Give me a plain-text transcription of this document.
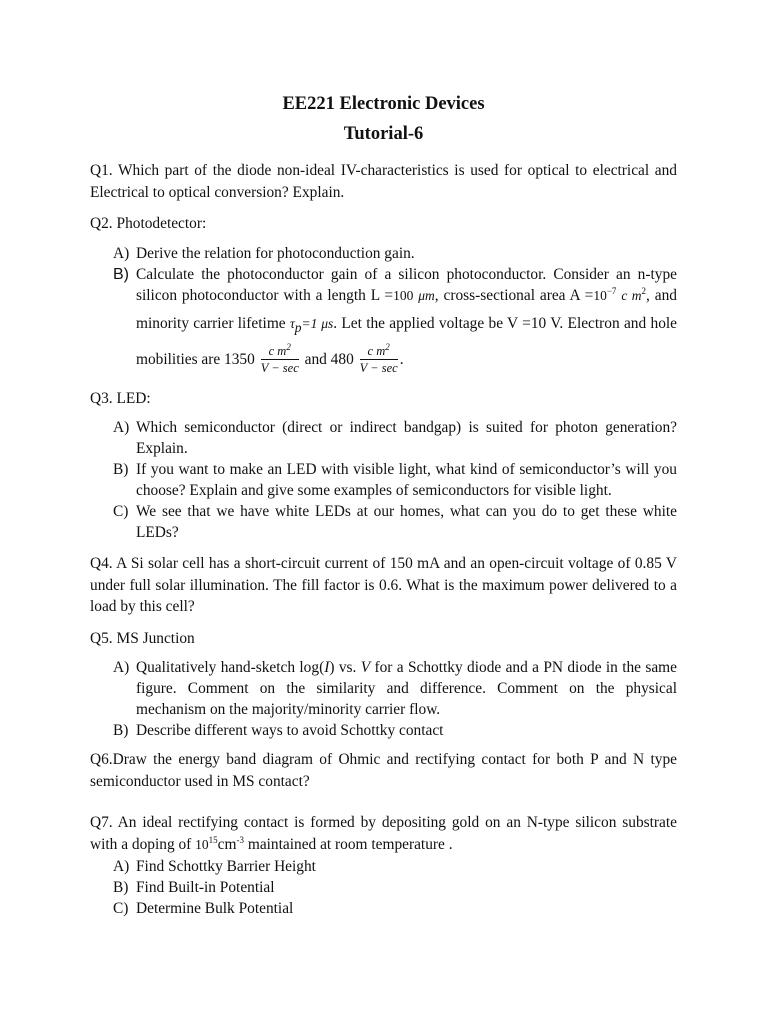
EE221 Electronic Devices
Tutorial-6

Q1. Which part of the diode non-ideal IV-characteristics is used for optical to electrical and Electrical to optical conversion? Explain.

Q2. Photodetector:

A) Derive the relation for photoconduction gain.
B) Calculate the photoconductor gain of a silicon photoconductor. Consider an n-type silicon photoconductor with a length L =100 μm, cross-sectional area $A =10^{-7}$ c $m^2$, and minority carrier lifetime $\tau_p=1$ μs. Let the applied voltage be V =10 V. Electron and hole mobilities are $1350 \frac{c m^2}{V - \sec}$ and $480 \frac{c m^2}{V - \sec}$ .

Q3. LED:

A) Which semiconductor (direct or indirect bandgap) is suited for photon generation? Explain.
B) If you want to make an LED with visible light, what kind of semiconductor’s will you choose? Explain and give some examples of semiconductors for visible light.
C) We see that we have white LEDs at our homes, what can you do to get these white LEDs?

Q4. A Si solar cell has a short-circuit current of 150 mA and an open-circuit voltage of 0.85 V under full solar illumination. The fill factor is 0.6. What is the maximum power delivered to a load by this cell?

Q5. MS Junction

A) Qualitatively hand-sketch log(I) vs. V for a Schottky diode and a PN diode in the same figure. Comment on the similarity and difference. Comment on the physical mechanism on the majority/minority carrier flow.
B) Describe different ways to avoid Schottky contact

Q6.Draw the energy band diagram of Ohmic and rectifying contact for both P and N type semiconductor used in MS contact?

Q7. An ideal rectifying contact is formed by depositing gold on an N-type silicon substrate with a doping of $10^{15}cm^{-3}$ maintained at room temperature .

A) Find Schottky Barrier Height
B) Find Built-in Potential
C) Determine Bulk Potential
